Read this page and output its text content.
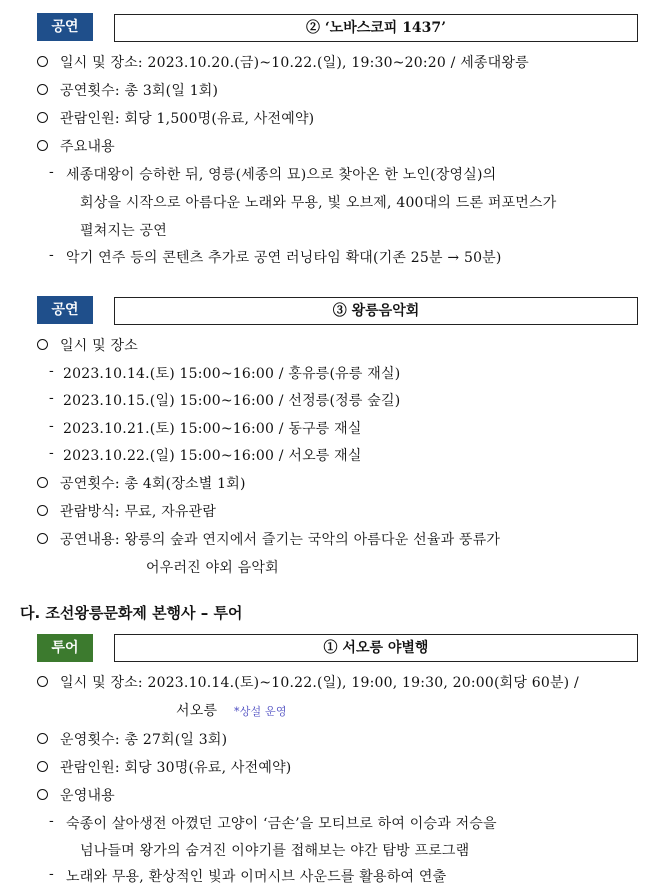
공연	② ‘노바스코피 1437’
일시 및 장소: 2023.10.20.(금)~10.22.(일), 19:30~20:20 / 세종대왕릉
공연횟수: 총 3회(일 1회)
관람인원: 회당 1,500명(유료, 사전예약)
주요내용
- 세종대왕이 승하한 뒤, 영릉(세종의 묘)으로 찾아온 한 노인(장영실)의
회상을 시작으로 아름다운 노래와 무용, 빛 오브제, 400대의 드론 퍼포먼스가
펼쳐지는 공연
- 악기 연주 등의 콘텐츠 추가로 공연 러닝타임 확대(기존 25분 → 50분)
공연	③ 왕릉음악회
일시 및 장소
- 2023.10.14.(토) 15:00~16:00 / 홍유릉(유릉 재실)
- 2023.10.15.(일) 15:00~16:00 / 선정릉(정릉 숲길)
- 2023.10.21.(토) 15:00~16:00 / 동구릉 재실
- 2023.10.22.(일) 15:00~16:00 / 서오릉 재실
공연횟수: 총 4회(장소별 1회)
관람방식: 무료, 자유관람
공연내용: 왕릉의 숲과 연지에서 즐기는 국악의 아름다운 선율과 풍류가
어우러진 야외 음악회
다. 조선왕릉문화제 본행사 – 투어
투어	① 서오릉 야별행
일시 및 장소: 2023.10.14.(토)~10.22.(일), 19:00, 19:30, 20:00(회당 60분) /
서오릉 *상설 운영
운영횟수: 총 27회(일 3회)
관람인원: 회당 30명(유료, 사전예약)
운영내용
- 숙종이 살아생전 아꼈던 고양이 ‘금손’을 모티브로 하여 이승과 저승을
넘나들며 왕가의 숨겨진 이야기를 접해보는 야간 탐방 프로그램
- 노래와 무용, 환상적인 빛과 이머시브 사운드를 활용하여 연출
